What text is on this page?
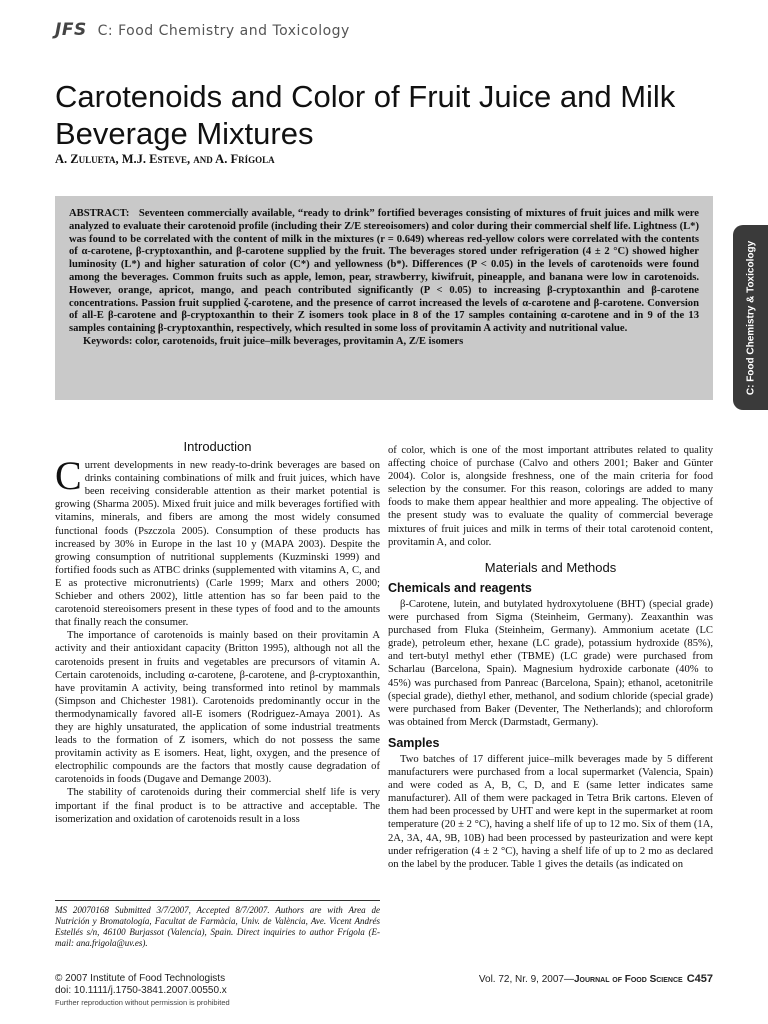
JFS C: Food Chemistry and Toxicology
Carotenoids and Color of Fruit Juice and Milk Beverage Mixtures
A. Zulueta, M.J. Esteve, and A. Frígola

ABSTRACT: Seventeen commercially available, “ready to drink” fortified beverages consisting of mixtures of fruit juices and milk were analyzed to evaluate their carotenoid profile (including their Z/E stereoisomers) and color during their commercial shelf life. Lightness (L*) was found to be correlated with the content of milk in the mixtures (r = 0.649) whereas red-yellow colors were correlated with the contents of α-carotene, β-cryptoxanthin, and β-carotene supplied by the fruit. The beverages stored under refrigeration (4 ± 2 °C) showed higher luminosity (L*) and higher saturation of color (C*) and yellowness (b*). Differences (P < 0.05) in the levels of carotenoids were found among the beverages. Common fruits such as apple, lemon, pear, strawberry, kiwifruit, pineapple, and banana were low in carotenoids. However, orange, apricot, mango, and peach contributed significantly (P < 0.05) to increasing β-cryptoxanthin and β-carotene concentrations. Passion fruit supplied ζ-carotene, and the presence of carrot increased the levels of α-carotene and β-carotene. Conversion of all-E β-carotene and β-cryptoxanthin to their Z isomers took place in 8 of the 17 samples containing α-carotene and in 9 of the 13 samples containing β-cryptoxanthin, respectively, which resulted in some loss of provitamin A activity and nutritional value.

Keywords: color, carotenoids, fruit juice–milk beverages, provitamin A, Z/E isomers	C: Food Chemistry & Toxicology
Introduction

Current developments in new ready-to-drink beverages are based on drinks containing combinations of milk and fruit juices, which have been receiving considerable attention as their market potential is growing (Sharma 2005). Mixed fruit juice and milk beverages fortified with vitamins, minerals, and fibers are among the most widely consumed functional foods (Pszczola 2005). Consumption of these products has increased by 30% in Europe in the last 10 y (MAPA 2003). Despite the growing consumption of nutritional supplements (Kuzminski 1999) and fortified foods such as ATBC drinks (supplemented with vitamins A, C, and E as protective micronutrients) (Carle 1999; Marx and others 2000; Schieber and others 2002), little attention has so far been paid to the carotenoid stereoisomers present in these types of food and to the amounts that finally reach the consumer.

The importance of carotenoids is mainly based on their provitamin A activity and their antioxidant capacity (Britton 1995), although not all the carotenoids present in fruits and vegetables are precursors of vitamin A. Certain carotenoids, including α-carotene, β-carotene, and β-cryptoxanthin, have provitamin A activity, being transformed into retinol by mammals (Simpson and Chichester 1981). Carotenoids predominantly occur in the thermodynamically favored all-E isomers (Rodriguez-Amaya 2001). As they are highly unsaturated, the application of some industrial treatments leads to the formation of Z isomers, which do not possess the same provitamin activity as E isomers. Heat, light, oxygen, and the presence of electrophilic compounds are the factors that mostly cause degradation of carotenoids in foods (Dugave and Demange 2003).

The stability of carotenoids during their commercial shelf life is very important if the final product is to be attractive and acceptable. The isomerization and oxidation of carotenoids result in a loss

MS 20070168 Submitted 3/7/2007, Accepted 8/7/2007. Authors are with Area de Nutrición y Bromatología, Facultat de Farmàcia, Univ. de València, Ave. Vicent Andrés Estellés s/n, 46100 Burjassot (Valencia), Spain. Direct inquiries to author Frígola (E-mail: ana.frigola@uv.es).

of color, which is one of the most important attributes related to quality affecting choice of purchase (Calvo and others 2001; Baker and Günter 2004). Color is, alongside freshness, one of the main criteria for food selection by the consumer. For this reason, colorings are added to many foods to make them appear healthier and more appealing. The objective of the present study was to evaluate the quality of commercial beverage mixtures of fruit juices and milk in terms of their total carotenoid content, provitamin A, and color.

Materials and Methods
Chemicals and reagents

β-Carotene, lutein, and butylated hydroxytoluene (BHT) (special grade) were purchased from Sigma (Steinheim, Germany). Zeaxanthin was purchased from Fluka (Steinheim, Germany). Ammonium acetate (LC grade), petroleum ether, hexane (LC grade), potassium hydroxide (85%), and tert-butyl methyl ether (TBME) (LC grade) were purchased from Scharlau (Barcelona, Spain). Magnesium hydroxide carbonate (40% to 45%) was purchased from Panreac (Barcelona, Spain); ethanol, acetonitrile (special grade), diethyl ether, methanol, and sodium chloride (special grade) were purchased from Baker (Deventer, The Netherlands); and chloroform was obtained from Merck (Darmstadt, Germany).

Samples

Two batches of 17 different juice–milk beverages made by 5 different manufacturers were purchased from a local supermarket (Valencia, Spain) and were coded as A, B, C, D, and E (same letter indicates same manufacturer). All of them were packaged in Tetra Brik cartons. Eleven of them had been processed by UHT and were kept in the supermarket at room temperature (20 ± 2 °C), having a shelf life of up to 12 mo. Six of them (1A, 2A, 3A, 4A, 9B, 10B) had been processed by pasteurization and were kept under refrigeration (4 ± 2 °C), having a shelf life of up to 2 mo as declared on the label by the producer. Table 1 gives the details (as indicated on

© 2007 Institute of Food Technologists
doi: 10.1111/j.1750-3841.2007.00550.x
Further reproduction without permission is prohibited
Vol. 72, Nr. 9, 2007—Journal of Food Science C457
